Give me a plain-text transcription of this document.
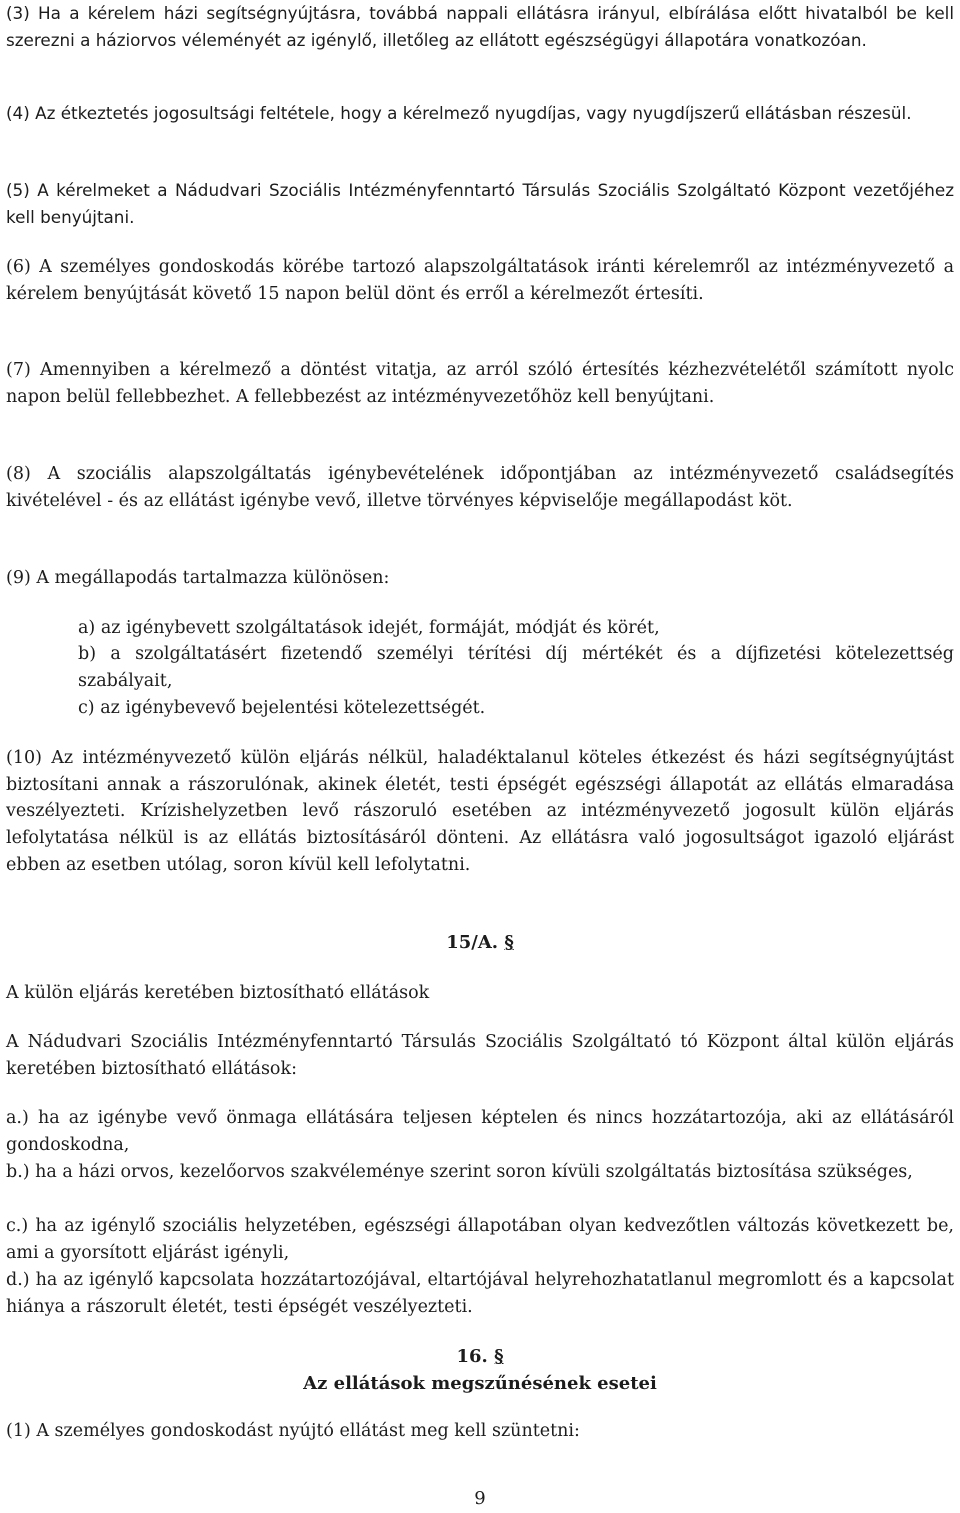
(3) Ha a kérelem házi segítségnyújtásra, továbbá nappali ellátásra irányul, elbírálása előtt hivatalból be kell szerezni a háziorvos véleményét az igénylő, illetőleg az ellátott egészségügyi állapotára vonatkozóan.

(4) Az étkeztetés jogosultsági feltétele, hogy a kérelmező nyugdíjas, vagy nyugdíjszerű ellátásban részesül.

(5) A kérelmeket a Nádudvari Szociális Intézményfenntartó Társulás Szociális Szolgáltató Központ vezetőjéhez kell benyújtani.

(6) A személyes gondoskodás körébe tartozó alapszolgáltatások iránti kérelemről az intézményvezető a kérelem benyújtását követő 15 napon belül dönt és erről a kérelmezőt értesíti.

(7) Amennyiben a kérelmező a döntést vitatja, az arról szóló értesítés kézhezvételétől számított nyolc napon belül fellebbezhet. A fellebbezést az intézményvezetőhöz kell benyújtani.

(8) A szociális alapszolgáltatás igénybevételének időpontjában az intézményvezető családsegítés kivételével - és az ellátást igénybe vevő, illetve törvényes képviselője megállapodást köt.

(9) A megállapodás tartalmazza különösen:

a) az igénybevett szolgáltatások idejét, formáját, módját és körét,

b) a szolgáltatásért fizetendő személyi térítési díj mértékét és a díjfizetési kötelezettség szabályait,

c) az igénybevevő bejelentési kötelezettségét.

(10) Az intézményvezető külön eljárás nélkül, haladéktalanul köteles étkezést és házi segítségnyújtást biztosítani annak a rászorulónak, akinek életét, testi épségét egészségi állapotát az ellátás elmaradása veszélyezteti. Krízishelyzetben levő rászoruló esetében az intézményvezető jogosult külön eljárás lefolytatása nélkül is az ellátás biztosításáról dönteni. Az ellátásra való jogosultságot igazoló eljárást ebben az esetben utólag, soron kívül kell lefolytatni.

15/A. §

A külön eljárás keretében biztosítható ellátások

A Nádudvari Szociális Intézményfenntartó Társulás Szociális Szolgáltató tó Központ által külön eljárás keretében biztosítható ellátások:

a.) ha az igénybe vevő önmaga ellátására teljesen képtelen és nincs hozzátartozója, aki az ellátásáról gondoskodna,

b.) ha a házi orvos, kezelőorvos szakvéleménye szerint soron kívüli szolgáltatás biztosítása szükséges,

c.) ha az igénylő szociális helyzetében, egészségi állapotában olyan kedvezőtlen változás következett be, ami a gyorsított eljárást igényli,

d.) ha az igénylő kapcsolata hozzátartozójával, eltartójával helyrehozhatatlanul megromlott és a kapcsolat hiánya a rászorult életét, testi épségét veszélyezteti.

16. §

Az ellátások megszűnésének esetei

(1) A személyes gondoskodást nyújtó ellátást meg kell szüntetni:

9
